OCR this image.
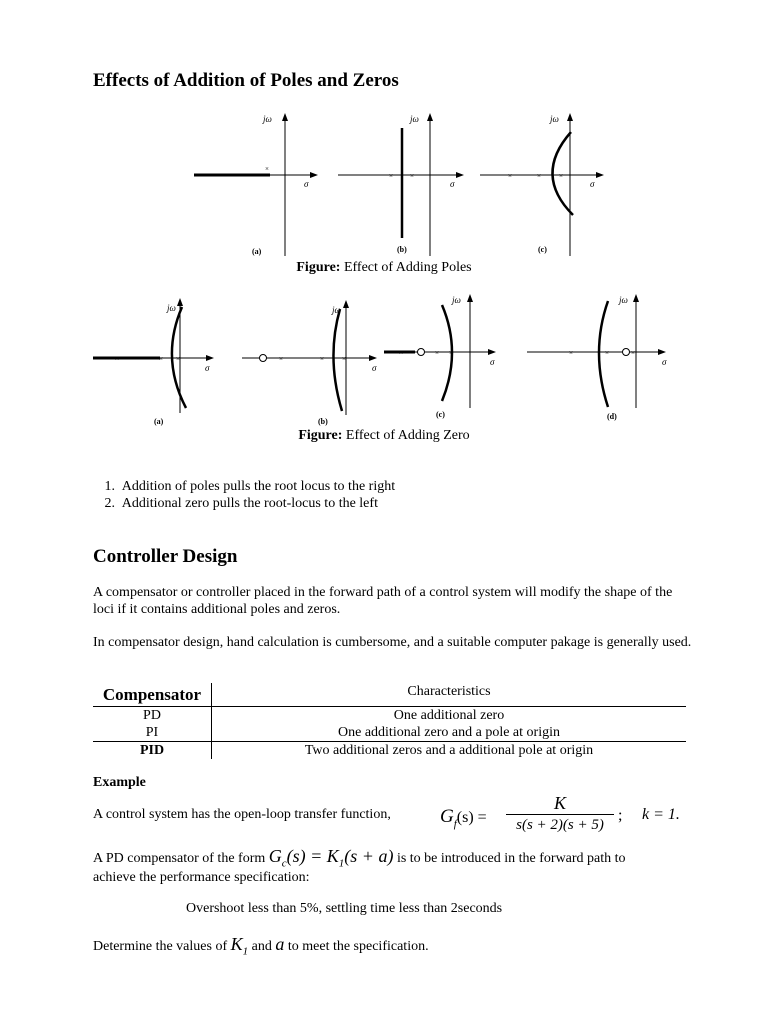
Effects of Addition of Poles and Zeros
×
jω
σ
(a)
× ×
jω
σ
(b)
×	×	×
jω
σ
(c)
Figure: Effect of Adding Poles
×	× ×
jω
σ
(a)
×	×	×
jω
σ
(b)
×	× ×
jω
σ
(c)
×	×	×
jω
σ
(d)
Figure: Effect of Adding Zero
1. Addition of poles pulls the root locus to the right
2. Additional zero pulls the root-locus to the left
Controller Design
A compensator or controller placed in the forward path of a control system will modify the shape of the loci if it contains additional poles and zeros.
In compensator design, hand calculation is cumbersome, and a suitable computer pakage is generally used.
Compensator	Characteristics
PD	One additional zero
PI	One additional zero and a pole at origin
PID	Two additional zeros and a additional pole at origin
Example
A control system has the open-loop transfer function,	$G_f(s)$ =
K
s(s + 2)(s + 5)
; k = 1.
A PD compensator of the form $G_c(s) = K_1(s + a)$ is to be introduced in the forward path to
achieve the performance specification:
Overshoot less than 5%, settling time less than 2seconds
Determine the values of $K_1$ and a to meet the specification.
